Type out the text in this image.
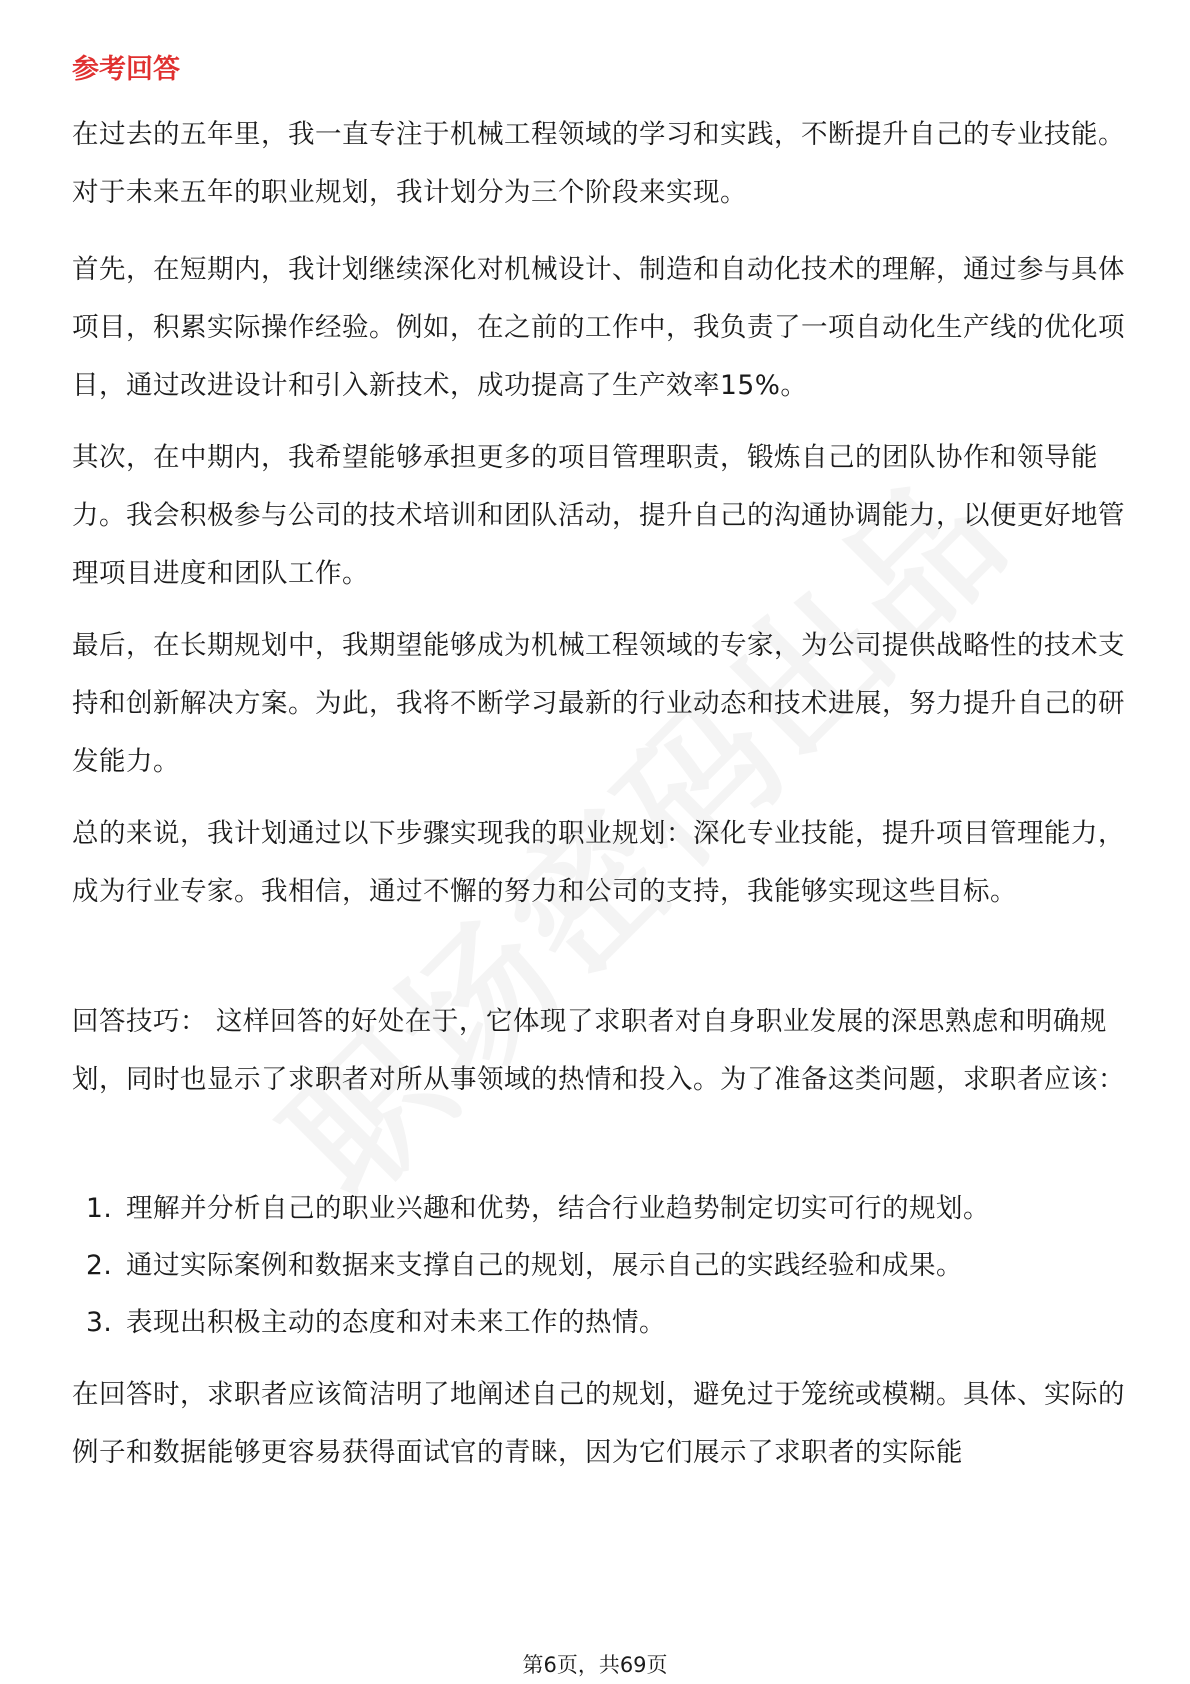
参考回答

在过去的五年里，我一直专注于机械工程领域的学习和实践，不断提升自己的专业技能。对于未来五年的职业规划，我计划分为三个阶段来实现。

首先，在短期内，我计划继续深化对机械设计、制造和自动化技术的理解，通过参与具体项目，积累实际操作经验。例如，在之前的工作中，我负责了一项自动化生产线的优化项目，通过改进设计和引入新技术，成功提高了生产效率15%。

其次，在中期内，我希望能够承担更多的项目管理职责，锻炼自己的团队协作和领导能力。我会积极参与公司的技术培训和团队活动，提升自己的沟通协调能力，以便更好地管理项目进度和团队工作。

最后，在长期规划中，我期望能够成为机械工程领域的专家，为公司提供战略性的技术支持和创新解决方案。为此，我将不断学习最新的行业动态和技术进展，努力提升自己的研发能力。

总的来说，我计划通过以下步骤实现我的职业规划：深化专业技能，提升项目管理能力，成为行业专家。我相信，通过不懈的努力和公司的支持，我能够实现这些目标。

回答技巧： 这样回答的好处在于，它体现了求职者对自身职业发展的深思熟虑和明确规划，同时也显示了求职者对所从事领域的热情和投入。为了准备这类问题，求职者应该：

1. 理解并分析自己的职业兴趣和优势，结合行业趋势制定切实可行的规划。
2. 通过实际案例和数据来支撑自己的规划，展示自己的实践经验和成果。
3. 表现出积极主动的态度和对未来工作的热情。

在回答时，求职者应该简洁明了地阐述自己的规划，避免过于笼统或模糊。具体、实际的例子和数据能够更容易获得面试官的青睐，因为它们展示了求职者的实际能

第6页，共69页
